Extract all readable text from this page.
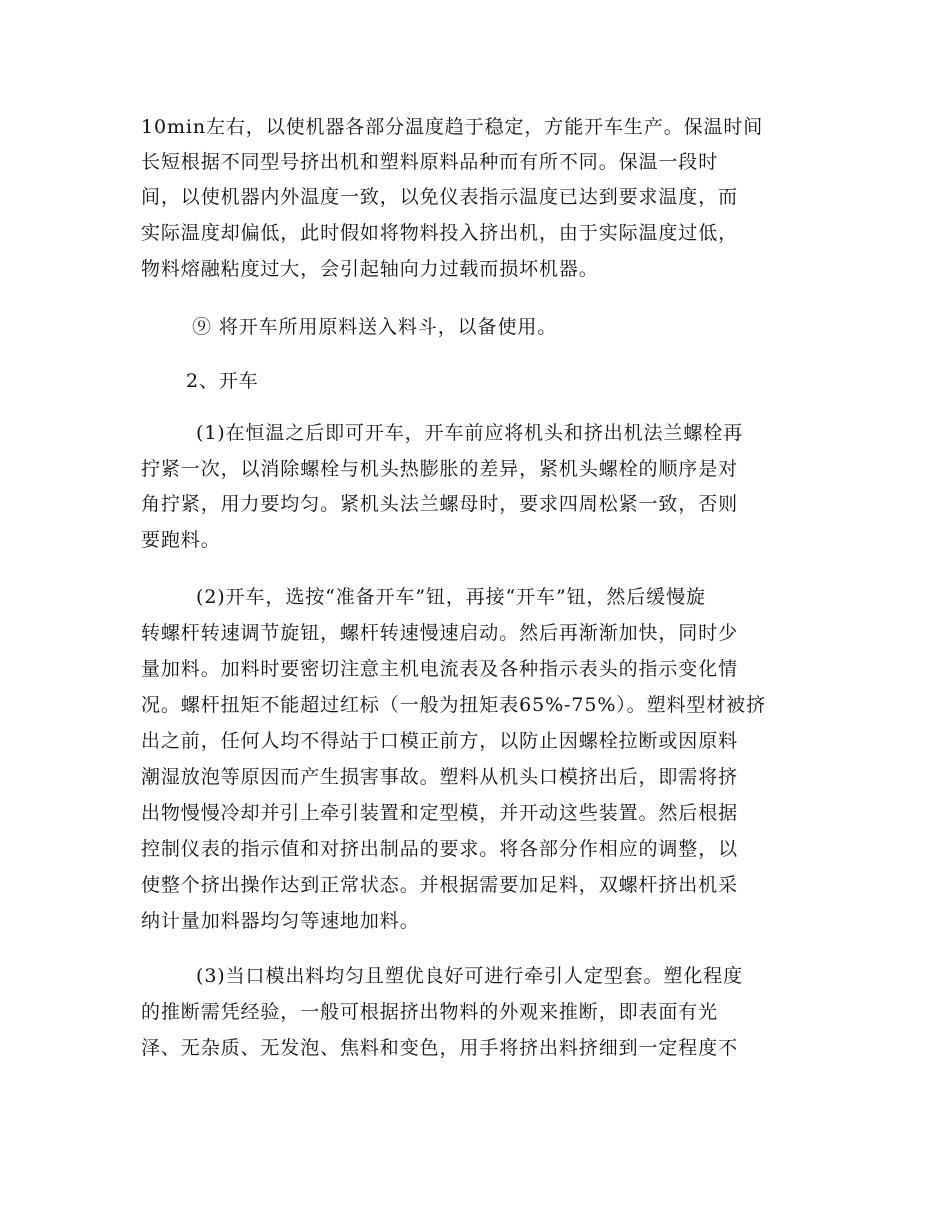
10min左右，以使机器各部分温度趋于稳定，方能开车生产。保温时间
长短根据不同型号挤出机和塑料原料品种而有所不同。保温一段时
间，以使机器内外温度一致，以免仪表指示温度已达到要求温度，而
实际温度却偏低，此时假如将物料投入挤出机，由于实际温度过低，
物料熔融粘度过大，会引起轴向力过载而损坏机器。
⑨ 将开车所用原料送入料斗，以备使用。
2、开车
(1)在恒温之后即可开车，开车前应将机头和挤出机法兰螺栓再
拧紧一次，以消除螺栓与机头热膨胀的差异，紧机头螺栓的顺序是对
角拧紧，用力要均匀。紧机头法兰螺母时，要求四周松紧一致，否则
要跑料。
(2)开车，选按“准备开车”钮，再接“开车”钮，然后缓慢旋
转螺杆转速调节旋钮，螺杆转速慢速启动。然后再渐渐加快，同时少
量加料。加料时要密切注意主机电流表及各种指示表头的指示变化情
况。螺杆扭矩不能超过红标（一般为扭矩表65%-75%）。塑料型材被挤
出之前，任何人均不得站于口模正前方，以防止因螺栓拉断或因原料
潮湿放泡等原因而产生损害事故。塑料从机头口模挤出后，即需将挤
出物慢慢冷却并引上牵引装置和定型模，并开动这些装置。然后根据
控制仪表的指示值和对挤出制品的要求。将各部分作相应的调整，以
使整个挤出操作达到正常状态。并根据需要加足料，双螺杆挤出机采
纳计量加料器均匀等速地加料。
(3)当口模出料均匀且塑优良好可进行牵引人定型套。塑化程度
的推断需凭经验，一般可根据挤出物料的外观来推断，即表面有光
泽、无杂质、无发泡、焦料和变色，用手将挤出料挤细到一定程度不
